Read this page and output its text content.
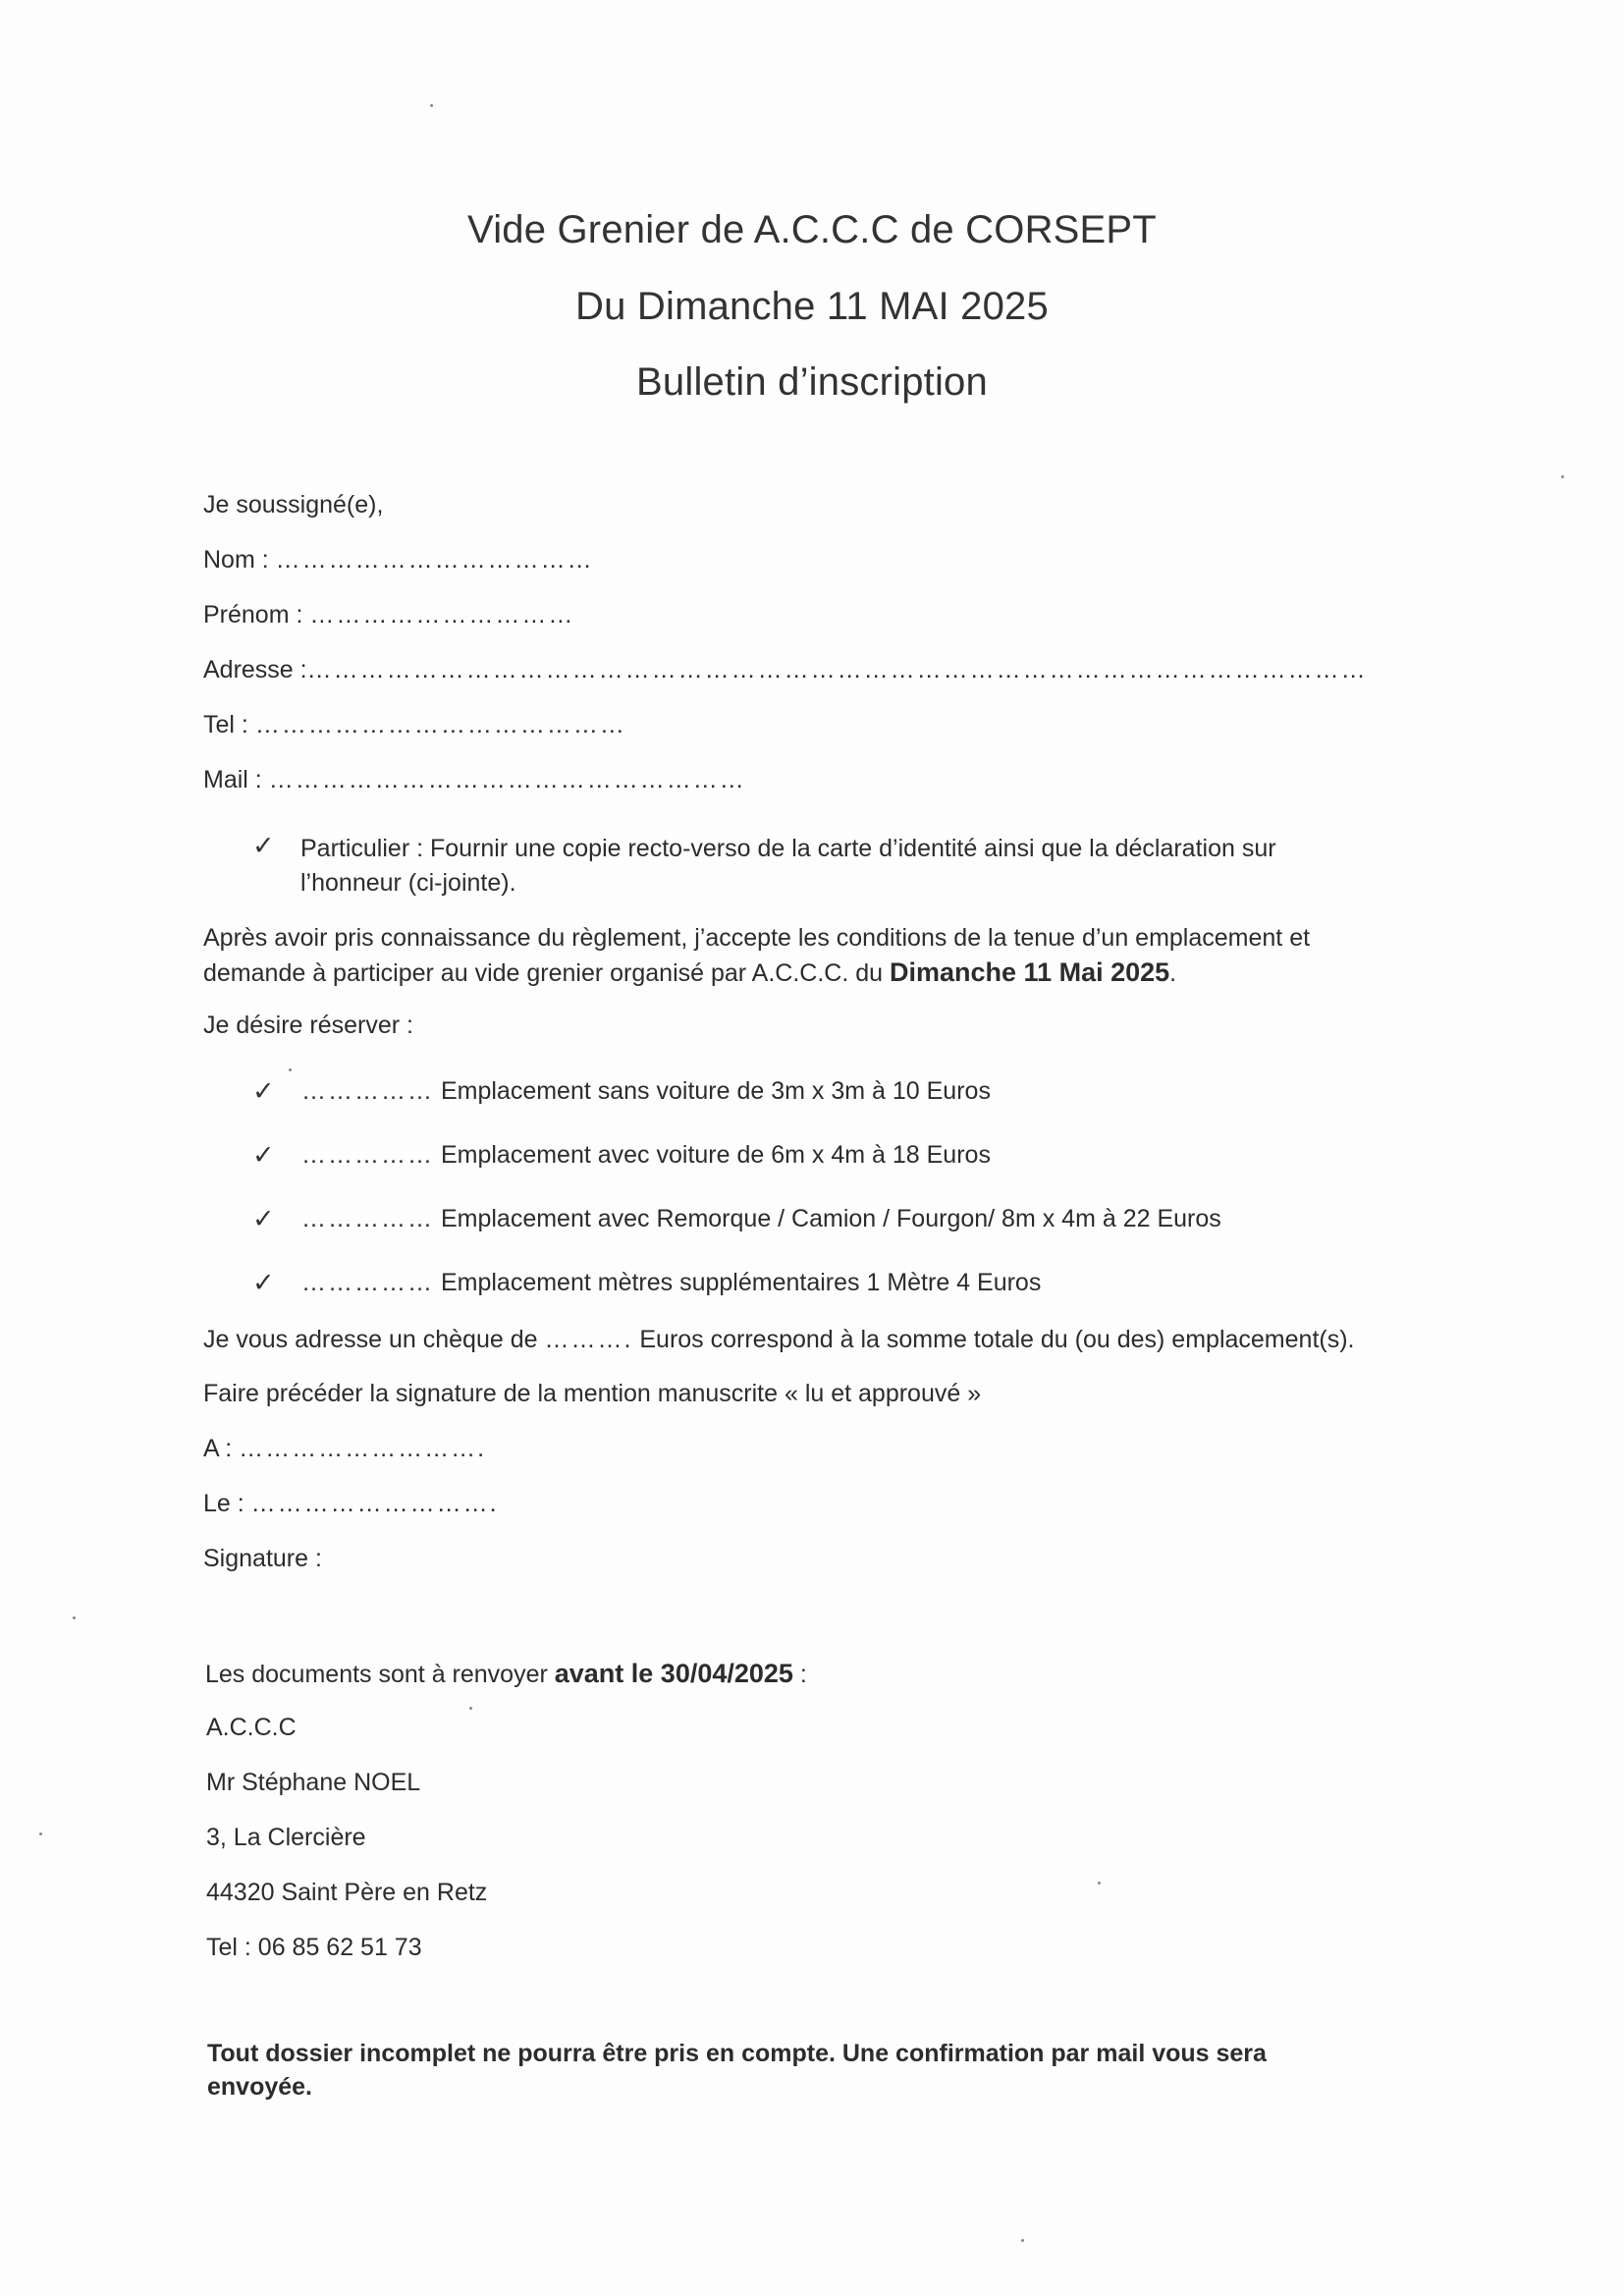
Vide Grenier de A.C.C.C de CORSEPT
Du Dimanche 11 MAI 2025
Bulletin d’inscription
Je soussigné(e),
Nom : ………………………………
Prénom : …………………………
Adresse :…………………………………………………………………………………………………………
Tel : ……………………………………
Mail : ………………………………………………
✓ Particulier : Fournir une copie recto-verso de la carte d’identité ainsi que la déclaration sur
l’honneur (ci-jointe).
Après avoir pris connaissance du règlement, j’accepte les conditions de la tenue d’un emplacement et
demande à participer au vide grenier organisé par A.C.C.C. du Dimanche 11 Mai 2025.
Je désire réserver :
✓ …………… Emplacement sans voiture de 3m x 3m à 10 Euros
✓ …………… Emplacement avec voiture de 6m x 4m à 18 Euros
✓ …………… Emplacement avec Remorque / Camion / Fourgon/ 8m x 4m à 22 Euros
✓ …………… Emplacement mètres supplémentaires 1 Mètre 4 Euros
Je vous adresse un chèque de ………. Euros correspond à la somme totale du (ou des) emplacement(s).
Faire précéder la signature de la mention manuscrite « lu et approuvé »
A : ……………………….
Le : ……………………….
Signature :
Les documents sont à renvoyer avant le 30/04/2025 :
A.C.C.C
Mr Stéphane NOEL
3, La Clercière
44320 Saint Père en Retz
Tel : 06 85 62 51 73
Tout dossier incomplet ne pourra être pris en compte. Une confirmation par mail vous sera
envoyée.
